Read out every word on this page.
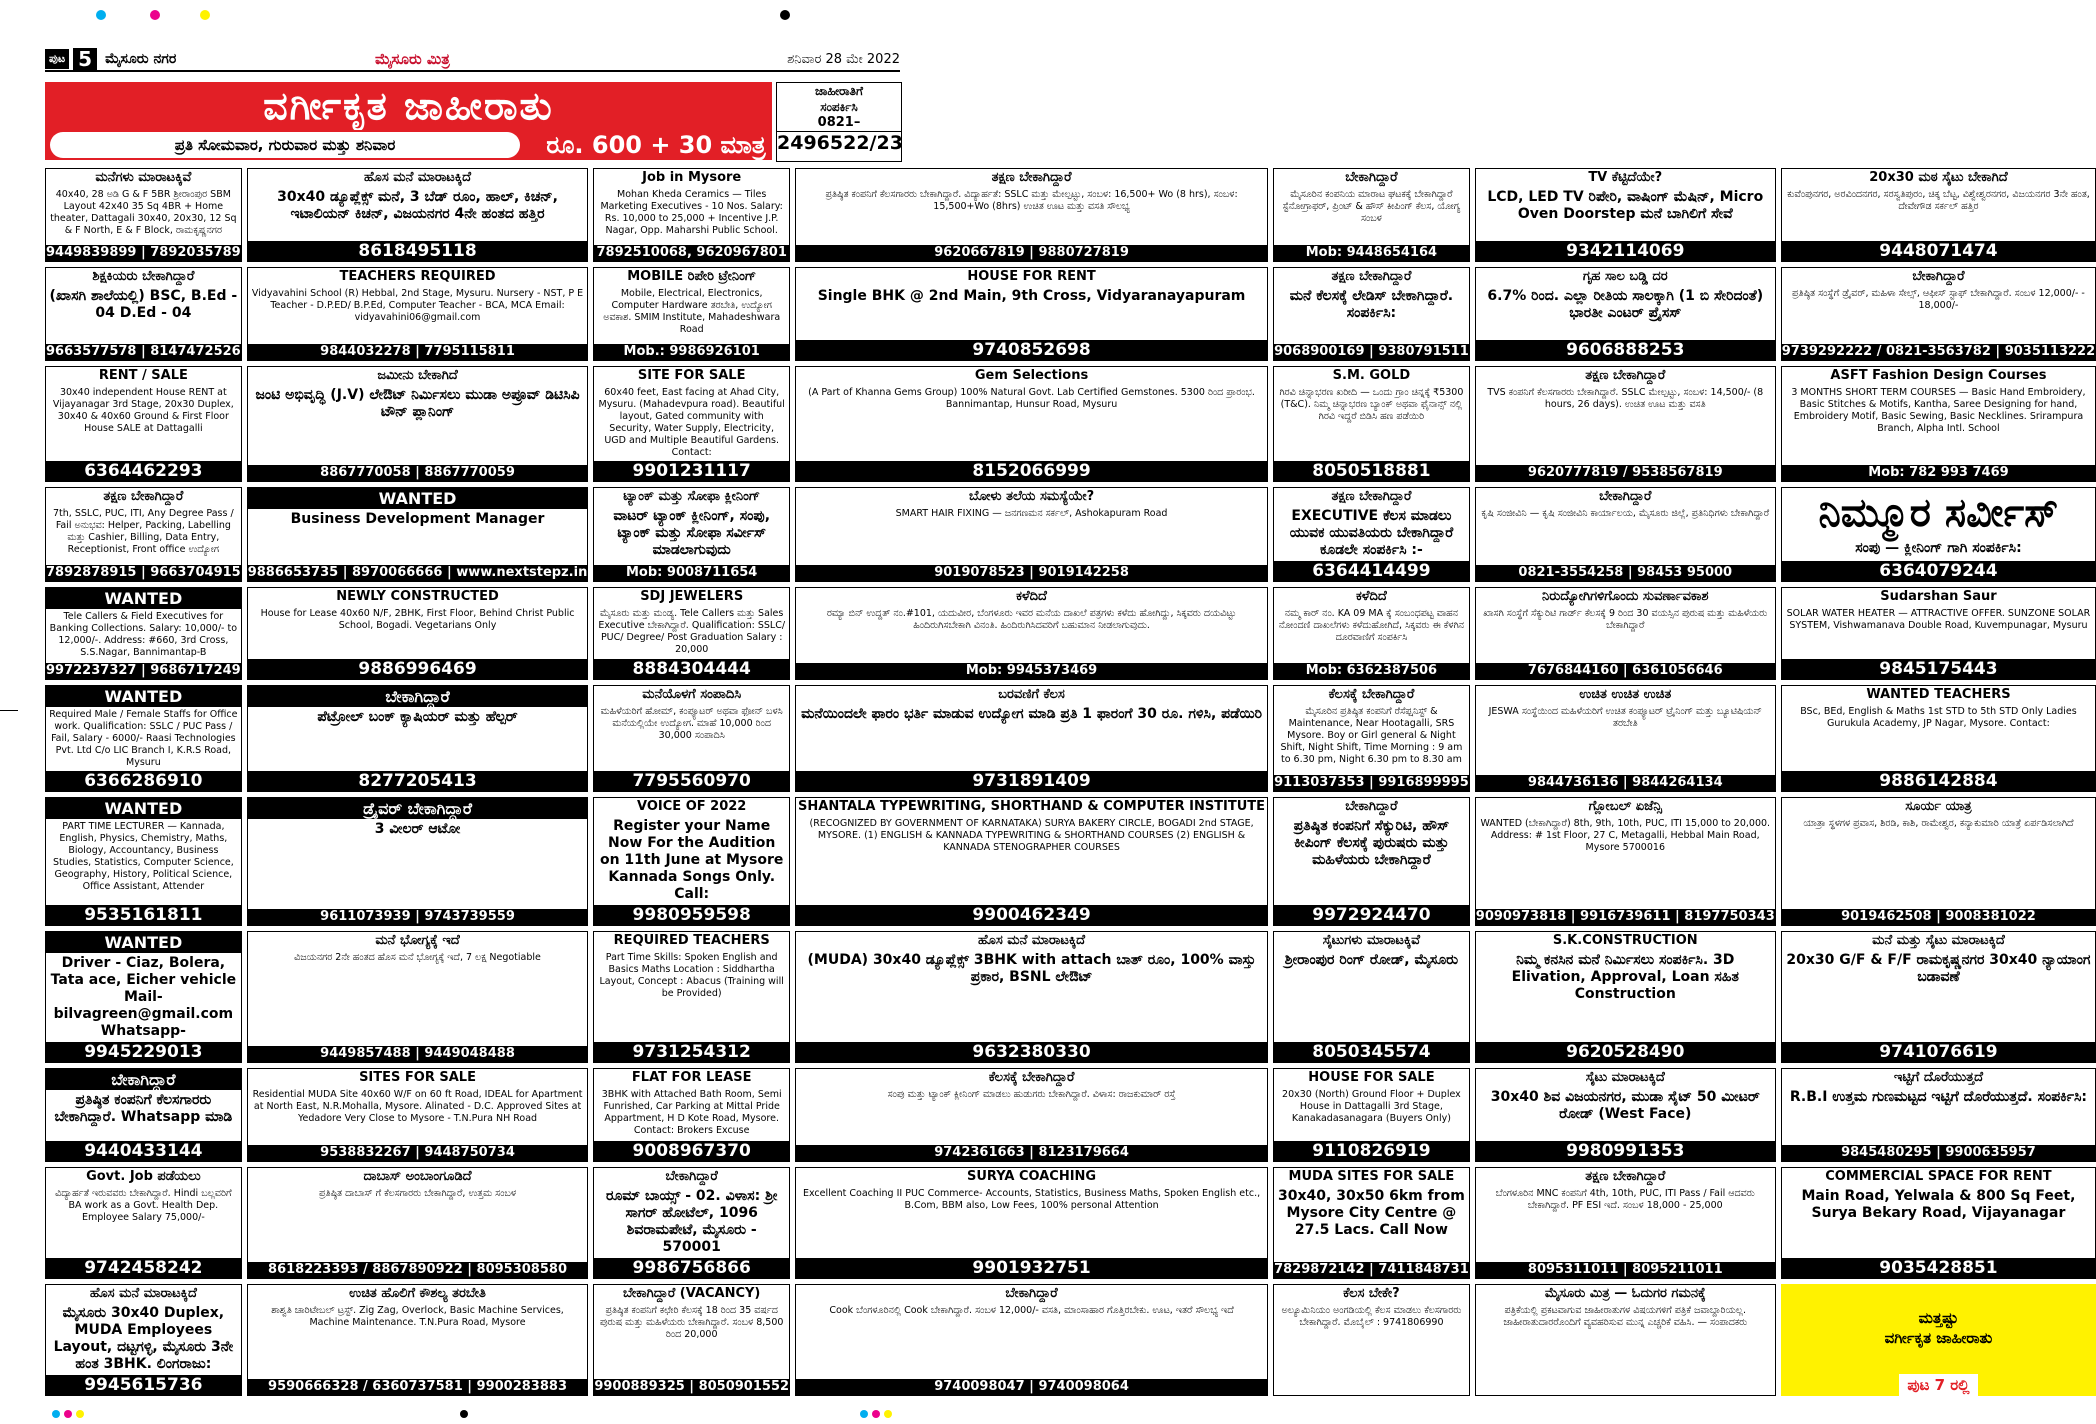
ಪುಟ 5 ಮೈಸೂರು ನಗರ	ಮೈಸೂರು ಮಿತ್ರ	ಶನಿವಾರ 28 ಮೇ 2022
ವರ್ಗೀಕೃತ ಜಾಹೀರಾತು
ಪ್ರತಿ ಸೋಮವಾರ, ಗುರುವಾರ ಮತ್ತು ಶನಿವಾರ	ರೂ. 600 + 30 ಮಾತ್ರ
ಜಾಹೀರಾತಿಗೆ
ಸಂಪರ್ಕಿಸಿ
0821–
2496522/23
ಮನೆಗಳು ಮಾರಾಟಕ್ಕಿವೆ
40x40, 28 ಅಡಿ G & F 5BR ಶ್ರೀರಾಂಪುರ SBM Layout 42x40 35 Sq 4BR + Home theater, Dattagali 30x40, 20x30, 12 Sq & F North, E & F Block, ರಾಮಕೃಷ್ಣನಗರ
9449839899 | 7892035789
ಹೊಸ ಮನೆ ಮಾರಾಟಕ್ಕಿದೆ
30x40 ಡ್ಯೂಪ್ಲೆಕ್ಸ್ ಮನೆ, 3 ಬೆಡ್ ರೂಂ, ಹಾಲ್, ಕಿಚನ್, ಇಟಾಲಿಯನ್ ಕಿಚನ್, ವಿಜಯನಗರ 4ನೇ ಹಂತದ ಹತ್ತಿರ
8618495118
Job in Mysore
Mohan Kheda Ceramics — Tiles Marketing Executives - 10 Nos. Salary: Rs. 10,000 to 25,000 + Incentive J.P. Nagar, Opp. Maharshi Public School.
7892510068, 9620967801
ತಕ್ಷಣ ಬೇಕಾಗಿದ್ದಾರೆ
ಪ್ರತಿಷ್ಠಿತ ಕಂಪನಿಗೆ ಕೆಲಸಗಾರರು ಬೇಕಾಗಿದ್ದಾರೆ. ವಿದ್ಯಾರ್ಹತೆ: SSLC ಮತ್ತು ಮೇಲ್ಪಟ್ಟು, ಸಂಬಳ: 16,500+ Wo (8 hrs), ಸಂಬಳ: 15,500+Wo (8hrs) ಉಚಿತ ಊಟ ಮತ್ತು ವಸತಿ ಸೌಲಭ್ಯ
9620667819 | 9880727819
ಬೇಕಾಗಿದ್ದಾರೆ
ಮೈಸೂರಿನ ಕಂಪನಿಯ ಮಾರಾಟ ಘಟಕಕ್ಕೆ ಬೇಕಾಗಿದ್ದಾರೆ ಸ್ಟೆನೋಗ್ರಾಫರ್, ಪ್ರಿಂಟ್ & ಹೌಸ್ ಕೀಪಿಂಗ್ ಕೆಲಸ, ಯೋಗ್ಯ ಸಂಬಳ
Mob: 9448654164
TV ಕೆಟ್ಟಿದೆಯೇ?
LCD, LED TV ರಿಪೇರಿ, ವಾಷಿಂಗ್ ಮೆಷಿನ್, Micro Oven Doorstep ಮನೆ ಬಾಗಿಲಿಗೆ ಸೇವೆ
9342114069
20x30 ಮಠ ಸೈಟು ಬೇಕಾಗಿದೆ
ಕುವೆಂಪುನಗರ, ಅರವಿಂದನಗರ, ಸರಸ್ವತಿಪುರಂ, ಚಿಕ್ಕ ಬೆಟ್ಟ, ವಿಶ್ವೇಶ್ವರನಗರ, ವಿಜಯನಗರ 3ನೇ ಹಂತ, ದೇವೇಗೌಡ ಸರ್ಕಲ್ ಹತ್ತಿರ
9448071474
ಶಿಕ್ಷಕಿಯರು ಬೇಕಾಗಿದ್ದಾರೆ
(ಖಾಸಗಿ ಶಾಲೆಯಲ್ಲಿ) BSC, B.Ed - 04 D.Ed - 04
9663577578 | 8147472526
TEACHERS REQUIRED
Vidyavahini School (R) Hebbal, 2nd Stage, Mysuru. Nursery - NST, P E Teacher - D.P.ED/ B.P.Ed, Computer Teacher - BCA, MCA Email: vidyavahini06@gmail.com
9844032278 | 7795115811
MOBILE ರಿಪೇರಿ ಟ್ರೇನಿಂಗ್
Mobile, Electrical, Electronics, Computer Hardware ತರಬೇತಿ, ಉದ್ಯೋಗ ಅವಕಾಶ. SMIM Institute, Mahadeshwara Road
Mob.: 9986926101
HOUSE FOR RENT
Single BHK @ 2nd Main, 9th Cross, Vidyaranayapuram
9740852698
ತಕ್ಷಣ ಬೇಕಾಗಿದ್ದಾರೆ
ಮನೆ ಕೆಲಸಕ್ಕೆ ಲೇಡಿಸ್ ಬೇಕಾಗಿದ್ದಾರೆ. ಸಂಪರ್ಕಿಸಿ:
9068900169 | 9380791511
ಗೃಹ ಸಾಲ ಬಡ್ಡಿ ದರ
6.7% ರಿಂದ. ಎಲ್ಲಾ ರೀತಿಯ ಸಾಲಕ್ಕಾಗಿ (1 ಬಿ ಸೇರಿದಂತೆ) ಭಾರತೀ ಎಂಟರ್ ಪ್ರೈಸಸ್
9606888253
ಬೇಕಾಗಿದ್ದಾರೆ
ಪ್ರತಿಷ್ಠಿತ ಸಂಸ್ಥೆಗೆ ಡ್ರೈವರ್, ಮಹಿಳಾ ಸೇಲ್ಸ್, ಆಫೀಸ್ ಸ್ಟಾಫ್ ಬೇಕಾಗಿದ್ದಾರೆ. ಸಂಬಳ 12,000/- - 18,000/-
9739292222 / 0821-3563782 | 9035113222
RENT / SALE
30x40 independent House RENT at Vijayanagar 3rd Stage, 20x30 Duplex, 30x40 & 40x60 Ground & First Floor House SALE at Dattagalli
6364462293
ಜಮೀನು ಬೇಕಾಗಿದೆ
ಜಂಟಿ ಅಭಿವೃದ್ಧಿ (J.V) ಲೇಔಟ್ ನಿರ್ಮಿಸಲು ಮುಡಾ ಅಪ್ರೂವ್ ಡಿಟಿಸಿಪಿ ಟೌನ್ ಪ್ಲಾನಿಂಗ್
8867770058 | 8867770059
SITE FOR SALE
60x40 feet, East facing at Ahad City, Mysuru. (Mahadevpura road). Beautiful layout, Gated community with Security, Water Supply, Electricity, UGD and Multiple Beautiful Gardens. Contact:
9901231117
Gem Selections
(A Part of Khanna Gems Group) 100% Natural Govt. Lab Certified Gemstones. 5300 ರಿಂದ ಪ್ರಾರಂಭ. Bannimantap, Hunsur Road, Mysuru
8152066999
S.M. GOLD
ಗಿರವಿ ಚಿನ್ನಾಭರಣ ಖರೀದಿ — ಒಂದು ಗ್ರಾಂ ಚಿನ್ನಕ್ಕೆ ₹5300 (T&C). ನಿಮ್ಮ ಚಿನ್ನಾಭರಣ ಬ್ಯಾಂಕ್ ಅಥವಾ ಫೈನಾನ್ಸ್ ನಲ್ಲಿ ಗಿರವಿ ಇದ್ದರೆ ಬಿಡಿಸಿ ಹಣ ಪಡೆಯಿರಿ
8050518881
ತಕ್ಷಣ ಬೇಕಾಗಿದ್ದಾರೆ
TVS ಕಂಪನಿಗೆ ಕೆಲಸಗಾರರು ಬೇಕಾಗಿದ್ದಾರೆ. SSLC ಮೇಲ್ಪಟ್ಟು, ಸಂಬಳ: 14,500/- (8 hours, 26 days). ಉಚಿತ ಊಟ ಮತ್ತು ವಸತಿ
9620777819 / 9538567819
ASFT Fashion Design Courses
3 MONTHS SHORT TERM COURSES — Basic Hand Embroidery, Basic Stitches & Motifs, Kantha, Saree Designing for hand, Embroidery Motif, Basic Sewing, Basic Necklines. Srirampura Branch, Alpha Intl. School
Mob: 782 993 7469
ತಕ್ಷಣ ಬೇಕಾಗಿದ್ದಾರೆ
7th, SSLC, PUC, ITI, Any Degree Pass / Fail ಅನುಭವ: Helper, Packing, Labelling ಮತ್ತು Cashier, Billing, Data Entry, Receptionist, Front office ಉದ್ಯೋಗ
7892878915 | 9663704915
WANTED
Business Development Manager
9886653735 | 8970066666 | www.nextstepz.in
ಟ್ಯಾಂಕ್ ಮತ್ತು ಸೋಫಾ ಕ್ಲೀನಿಂಗ್
ವಾಟರ್ ಟ್ಯಾಂಕ್ ಕ್ಲೀನಿಂಗ್, ಸಂಪು, ಟ್ಯಾಂಕ್ ಮತ್ತು ಸೋಫಾ ಸರ್ವೀಸ್ ಮಾಡಲಾಗುವುದು
Mob: 9008711654
ಬೋಳು ತಲೆಯ ಸಮಸ್ಯೆಯೇ?
SMART HAIR FIXING — ಜನಗಣಮನ ಸರ್ಕಲ್, Ashokapuram Road
9019078523 | 9019142258
ತಕ್ಷಣ ಬೇಕಾಗಿದ್ದಾರೆ
EXECUTIVE ಕೆಲಸ ಮಾಡಲು ಯುವಕ ಯುವತಿಯರು ಬೇಕಾಗಿದ್ದಾರೆ ಕೂಡಲೇ ಸಂಪರ್ಕಿಸಿ :-
6364414499
ಬೇಕಾಗಿದ್ದಾರೆ
ಕೃಷಿ ಸಂಜೀವಿನಿ — ಕೃಷಿ ಸಂಜೀವಿನಿ ಕಾರ್ಯಾಲಯ, ಮೈಸೂರು ಜಿಲ್ಲೆ, ಪ್ರತಿನಿಧಿಗಳು ಬೇಕಾಗಿದ್ದಾರೆ
0821-3554258 | 98453 95000
ನಿಮ್ಮೂರ ಸರ್ವೀಸ್
ಸಂಪು — ಕ್ಲೀನಿಂಗ್ ಗಾಗಿ ಸಂಪರ್ಕಿಸಿ:
6364079244
WANTED
Tele Callers & Field Executives for Banking Collections. Salary: 10,000/- to 12,000/-. Address: #660, 3rd Cross, S.S.Nagar, Bannimantap-B
9972237327 | 9686717249
NEWLY CONSTRUCTED
House for Lease 40x60 N/F, 2BHK, First Floor, Behind Christ Public School, Bogadi. Vegetarians Only
9886996469
SDJ JEWELERS
ಮೈಸೂರು ಮತ್ತು ಮಂಡ್ಯ. Tele Callers ಮತ್ತು Sales Executive ಬೇಕಾಗಿದ್ದಾರೆ. Qualification: SSLC/ PUC/ Degree/ Post Graduation Salary : 20,000
8884304444
ಕಳೆದಿದೆ
ರಮ್ಯಾ ಬಿನ್ ಉದ್ದತ್ ನಂ.#101, ಯದುವೀರ, ಬೆಂಗಳೂರು ಇವರ ಮನೆಯ ದಾಖಲೆ ಪತ್ರಗಳು ಕಳೆದು ಹೋಗಿದ್ದು, ಸಿಕ್ಕವರು ದಯವಿಟ್ಟು ಹಿಂದಿರುಗಿಸಬೇಕಾಗಿ ವಿನಂತಿ. ಹಿಂದಿರುಗಿಸಿದವರಿಗೆ ಬಹುಮಾನ ನೀಡಲಾಗುವುದು.
Mob: 9945373469
ಕಳೆದಿದೆ
ನಮ್ಮ ಕಾರ್ ನಂ. KA 09 MA ಕ್ಕೆ ಸಂಬಂಧಪಟ್ಟ ವಾಹನ ನೋಂದಣಿ ದಾಖಲೆಗಳು ಕಳೆದುಹೋಗಿದೆ, ಸಿಕ್ಕವರು ಈ ಕೆಳಗಿನ ದೂರವಾಣಿಗೆ ಸಂಪರ್ಕಿಸಿ
Mob: 6362387506
ನಿರುದ್ಯೋಗಿಗಳಿಗೊಂದು ಸುವರ್ಣಾವಕಾಶ
ಖಾಸಗಿ ಸಂಸ್ಥೆಗೆ ಸೆಕ್ಯುರಿಟಿ ಗಾರ್ಡ್ ಕೆಲಸಕ್ಕೆ 9 ರಿಂದ 30 ವಯಸ್ಸಿನ ಪುರುಷ ಮತ್ತು ಮಹಿಳೆಯರು ಬೇಕಾಗಿದ್ದಾರೆ
7676844160 | 6361056646
Sudarshan Saur
SOLAR WATER HEATER — ATTRACTIVE OFFER. SUNZONE SOLAR SYSTEM, Vishwamanava Double Road, Kuvempunagar, Mysuru
9845175443
WANTED
Required Male / Female Staffs for Office work. Qualification: SSLC / PUC Pass / Fail, Salary - 6000/- Raasi Technologies Pvt. Ltd C/o LIC Branch I, K.R.S Road, Mysuru
6366286910
ಬೇಕಾಗಿದ್ದಾರೆ
ಪೆಟ್ರೋಲ್ ಬಂಕ್ ಕ್ಯಾಷಿಯರ್ ಮತ್ತು ಹೆಲ್ಪರ್
8277205413
ಮನೆಯೊಳಗೆ ಸಂಪಾದಿಸಿ
ಮಹಿಳೆಯರಿಗೆ ಹೋಮ್, ಕಂಪ್ಯೂಟರ್ ಅಥವಾ ಫೋನ್ ಬಳಸಿ ಮನೆಯಲ್ಲಿಯೇ ಉದ್ಯೋಗ. ಮಾಹೆ 10,000 ರಿಂದ 30,000 ಸಂಪಾದಿಸಿ
7795560970
ಬರವಣಿಗೆ ಕೆಲಸ
ಮನೆಯಿಂದಲೇ ಫಾರಂ ಭರ್ತಿ ಮಾಡುವ ಉದ್ಯೋಗ ಮಾಡಿ ಪ್ರತಿ 1 ಫಾರಂಗೆ 30 ರೂ. ಗಳಿಸಿ, ಪಡೆಯಿರಿ
9731891409
ಕೆಲಸಕ್ಕೆ ಬೇಕಾಗಿದ್ದಾರೆ
ಮೈಸೂರಿನ ಪ್ರತಿಷ್ಠಿತ ಕಂಪನಿಗೆ ರೆಸೆಪ್ಷನಿಸ್ಟ್ & Maintenance, Near Hootagalli, SRS Mysore. Boy or Girl general & Night Shift, Night Shift, Time Morning : 9 am to 6.30 pm, Night 6.30 pm to 8.30 am
9113037353 | 9916899995
ಉಚಿತ ಉಚಿತ ಉಚಿತ
JESWA ಸಂಸ್ಥೆಯಿಂದ ಮಹಿಳೆಯರಿಗೆ ಉಚಿತ ಕಂಪ್ಯೂಟರ್ ಟ್ರೈನಿಂಗ್ ಮತ್ತು ಬ್ಯೂಟಿಷಿಯನ್ ತರಬೇತಿ
9844736136 | 9844264134
WANTED TEACHERS
BSc, BEd, English & Maths 1st STD to 5th STD Only Ladies Gurukula Academy, JP Nagar, Mysore. Contact:
9886142884
WANTED
PART TIME LECTURER — Kannada, English, Physics, Chemistry, Maths, Biology, Accountancy, Business Studies, Statistics, Computer Science, Geography, History, Political Science, Office Assistant, Attender
9535161811
ಡ್ರೈವರ್ ಬೇಕಾಗಿದ್ದಾರೆ
3 ವೀಲರ್ ಆಟೋ
9611073939 | 9743739559
VOICE OF 2022
Register your Name Now For the Audition on 11th June at Mysore Kannada Songs Only. Call:
9980959598
SHANTALA TYPEWRITING, SHORTHAND & COMPUTER INSTITUTE
(RECOGNIZED BY GOVERNMENT OF KARNATAKA) SURYA BAKERY CIRCLE, BOGADI 2nd STAGE, MYSORE. (1) ENGLISH & KANNADA TYPEWRITING & SHORTHAND COURSES (2) ENGLISH & KANNADA STENOGRAPHER COURSES
9900462349
ಬೇಕಾಗಿದ್ದಾರೆ
ಪ್ರತಿಷ್ಠಿತ ಕಂಪನಿಗೆ ಸೆಕ್ಯುರಿಟಿ, ಹೌಸ್ ಕೀಪಿಂಗ್ ಕೆಲಸಕ್ಕೆ ಪುರುಷರು ಮತ್ತು ಮಹಿಳೆಯರು ಬೇಕಾಗಿದ್ದಾರೆ
9972924470
ಗ್ಲೋಬಲ್ ಏಜೆನ್ಸಿ
WANTED (ಬೇಕಾಗಿದ್ದಾರೆ) 8th, 9th, 10th, PUC, ITI 15,000 to 20,000. Address: # 1st Floor, 27 C, Metagalli, Hebbal Main Road, Mysore 5700016
9090973818 | 9916739611 | 8197750343
ಸೂರ್ಯ ಯಾತ್ರ
ಯಾತ್ರಾ ಸ್ಥಳಗಳ ಪ್ರವಾಸ, ಶಿರಡಿ, ಕಾಶಿ, ರಾಮೇಶ್ವರ, ಕನ್ಯಾಕುಮಾರಿ ಯಾತ್ರೆ ಏರ್ಪಡಿಸಲಾಗಿದೆ
9019462508 | 9008381022
WANTED
Driver - Ciaz, Bolera, Tata ace, Eicher vehicle Mail- bilvagreen@gmail.com Whatsapp-
9945229013
ಮನೆ ಭೋಗ್ಯಕ್ಕೆ ಇದೆ
ವಿಜಯನಗರ 2ನೇ ಹಂತದ ಹೊಸ ಮನೆ ಭೋಗ್ಯಕ್ಕೆ ಇದೆ, 7 ಲಕ್ಷ Negotiable
9449857488 | 9449048488
REQUIRED TEACHERS
Part Time Skills: Spoken English and Basics Maths Location : Siddhartha Layout, Concept : Abacus (Training will be Provided)
9731254312
ಹೊಸ ಮನೆ ಮಾರಾಟಕ್ಕಿದೆ
(MUDA) 30x40 ಡ್ಯೂಪ್ಲೆಕ್ಸ್ 3BHK with attach ಬಾತ್ ರೂಂ, 100% ವಾಸ್ತು ಪ್ರಕಾರ, BSNL ಲೇಔಟ್
9632380330
ಸೈಟುಗಳು ಮಾರಾಟಕ್ಕಿವೆ
ಶ್ರೀರಾಂಪುರ ರಿಂಗ್ ರೋಡ್, ಮೈಸೂರು
8050345574
S.K.CONSTRUCTION
ನಿಮ್ಮ ಕನಸಿನ ಮನೆ ನಿರ್ಮಿಸಲು ಸಂಪರ್ಕಿಸಿ. 3D Elivation, Approval, Loan ಸಹಿತ Construction
9620528490
ಮನೆ ಮತ್ತು ಸೈಟು ಮಾರಾಟಕ್ಕಿದೆ
20x30 G/F & F/F ರಾಮಕೃಷ್ಣನಗರ 30x40 ನ್ಯಾಯಾಂಗ ಬಡಾವಣೆ
9741076619
ಬೇಕಾಗಿದ್ದಾರೆ
ಪ್ರತಿಷ್ಠಿತ ಕಂಪನಿಗೆ ಕೆಲಸಗಾರರು ಬೇಕಾಗಿದ್ದಾರೆ. Whatsapp ಮಾಡಿ
9440433144
SITES FOR SALE
Residential MUDA Site 40x60 W/F on 60 ft Road, IDEAL for Apartment at North East, N.R.Mohalla, Mysore. Alinated - D.C. Approved Sites at Yedadore Very Close to Mysore - T.N.Pura NH Road
9538832267 | 9448750734
FLAT FOR LEASE
3BHK with Attached Bath Room, Semi Funrished, Car Parking at Mittal Pride Appartment, H D Kote Road, Mysore. Contact: Brokers Excuse
9008967370
ಕೆಲಸಕ್ಕೆ ಬೇಕಾಗಿದ್ದಾರೆ
ಸಂಪು ಮತ್ತು ಟ್ಯಾಂಕ್ ಕ್ಲೀನಿಂಗ್ ಮಾಡಲು ಹುಡುಗರು ಬೇಕಾಗಿದ್ದಾರೆ. ವಿಳಾಸ: ರಾಜಕುಮಾರ್ ರಸ್ತೆ
9742361663 | 8123179664
HOUSE FOR SALE
20x30 (North) Ground Floor + Duplex House in Dattagalli 3rd Stage, Kanakadasanagara (Buyers Only)
9110826919
ಸೈಟು ಮಾರಾಟಕ್ಕಿದೆ
30x40 ಶಿವ ವಿಜಯನಗರ, ಮುಡಾ ಸೈಟ್ 50 ಮೀಟರ್ ರೋಡ್ (West Face)
9980991353
ಇಟ್ಟಿಗೆ ದೊರೆಯುತ್ತದೆ
R.B.I ಉತ್ತಮ ಗುಣಮಟ್ಟದ ಇಟ್ಟಿಗೆ ದೊರೆಯುತ್ತದೆ. ಸಂಪರ್ಕಿಸಿ:
9845480295 | 9900635957
Govt. Job ಪಡೆಯಲು
ವಿದ್ಯಾರ್ಹತೆ ಇರುವವರು ಬೇಕಾಗಿದ್ದಾರೆ. Hindi ಬಲ್ಲವರಿಗೆ BA work as a Govt. Health Dep. Employee Salary 75,000/-
9742458242
ದಾಬಾಸ್ ಅಂಬಾಂಗೂಡಿದೆ
ಪ್ರತಿಷ್ಠಿತ ದಾಬಾಸ್ ಗೆ ಕೆಲಸಗಾರರು ಬೇಕಾಗಿದ್ದಾರೆ, ಉತ್ತಮ ಸಂಬಳ
8618223393 / 8867890922 | 8095308580
ಬೇಕಾಗಿದ್ದಾರೆ
ರೂಮ್ ಬಾಯ್ಸ್ - 02. ವಿಳಾಸ: ಶ್ರೀ ಸಾಗರ್ ಹೋಟೆಲ್, 1096 ಶಿವರಾಮಪೇಟೆ, ಮೈಸೂರು - 570001
9986756866
SURYA COACHING
Excellent Coaching II PUC Commerce- Accounts, Statistics, Business Maths, Spoken English etc., B.Com, BBM also, Low Fees, 100% personal Attention
9901932751
MUDA SITES FOR SALE
30x40, 30x50 6km from Mysore City Centre @ 27.5 Lacs. Call Now
7829872142 | 7411848731
ತಕ್ಷಣ ಬೇಕಾಗಿದ್ದಾರೆ
ಬೆಂಗಳೂರಿನ MNC ಕಂಪನಿಗೆ 4th, 10th, PUC, ITI Pass / Fail ಆದವರು ಬೇಕಾಗಿದ್ದಾರೆ. PF ESI ಇದೆ. ಸಂಬಳ 18,000 - 25,000
8095311011 | 8095211011
COMMERCIAL SPACE FOR RENT
Main Road, Yelwala & 800 Sq Feet, Surya Bekary Road, Vijayanagar
9035428851
ಹೊಸ ಮನೆ ಮಾರಾಟಕ್ಕಿದೆ
ಮೈಸೂರು 30x40 Duplex, MUDA Employees Layout, ದಟ್ಟಗಳ್ಳಿ, ಮೈಸೂರು 3ನೇ ಹಂತ 3BHK. ಲಿಂಗರಾಜು:
9945615736
ಉಚಿತ ಹೊಲಿಗೆ ಕೌಶಲ್ಯ ತರಬೇತಿ
ಶಾಶ್ವತಿ ಚಾರಿಟೇಬಲ್ ಟ್ರಸ್ಟ್. Zig Zag, Overlock, Basic Machine Services, Machine Maintenance. T.N.Pura Road, Mysore
9590666328 / 6360737581 | 9900283883
ಬೇಕಾಗಿದ್ದಾರೆ (VACANCY)
ಪ್ರತಿಷ್ಠಿತ ಕಂಪನಿಗೆ ಕಛೇರಿ ಕೆಲಸಕ್ಕೆ 18 ರಿಂದ 35 ವರ್ಷದ ಪುರುಷ ಮತ್ತು ಮಹಿಳೆಯರು ಬೇಕಾಗಿದ್ದಾರೆ. ಸಂಬಳ 8,500 ರಿಂದ 20,000
9900889325 | 8050901552
ಬೇಕಾಗಿದ್ದಾರೆ
Cook ಬೆಂಗಳೂರಿನಲ್ಲಿ Cook ಬೇಕಾಗಿದ್ದಾರೆ. ಸಂಬಳ 12,000/- ವಸತಿ, ಮಾಂಸಾಹಾರ ಗೊತ್ತಿರಬೇಕು. ಊಟ, ಇತರೆ ಸೌಲಭ್ಯ ಇದೆ
9740098047 | 9740098064
ಕೆಲಸ ಬೇಕೇ?
ಅಲ್ಯೂಮಿನಿಯಂ ಅಂಗಡಿಯಲ್ಲಿ ಕೆಲಸ ಮಾಡಲು ಕೆಲಸಗಾರರು ಬೇಕಾಗಿದ್ದಾರೆ. ಮೊಬೈಲ್ : 9741806990
ಮೈಸೂರು ಮಿತ್ರ — ಓದುಗರ ಗಮನಕ್ಕೆ
ಪತ್ರಿಕೆಯಲ್ಲಿ ಪ್ರಕಟವಾಗುವ ಜಾಹೀರಾತುಗಳ ವಿಷಯಗಳಿಗೆ ಪತ್ರಿಕೆ ಜವಾಬ್ದಾರಿಯಲ್ಲ. ಜಾಹೀರಾತುದಾರರೊಂದಿಗೆ ವ್ಯವಹರಿಸುವ ಮುನ್ನ ಎಚ್ಚರಿಕೆ ವಹಿಸಿ. — ಸಂಪಾದಕರು	ಮತ್ತಷ್ಟು
ವರ್ಗೀಕೃತ ಜಾಹೀರಾತು
ಪುಟ 7 ರಲ್ಲಿ
